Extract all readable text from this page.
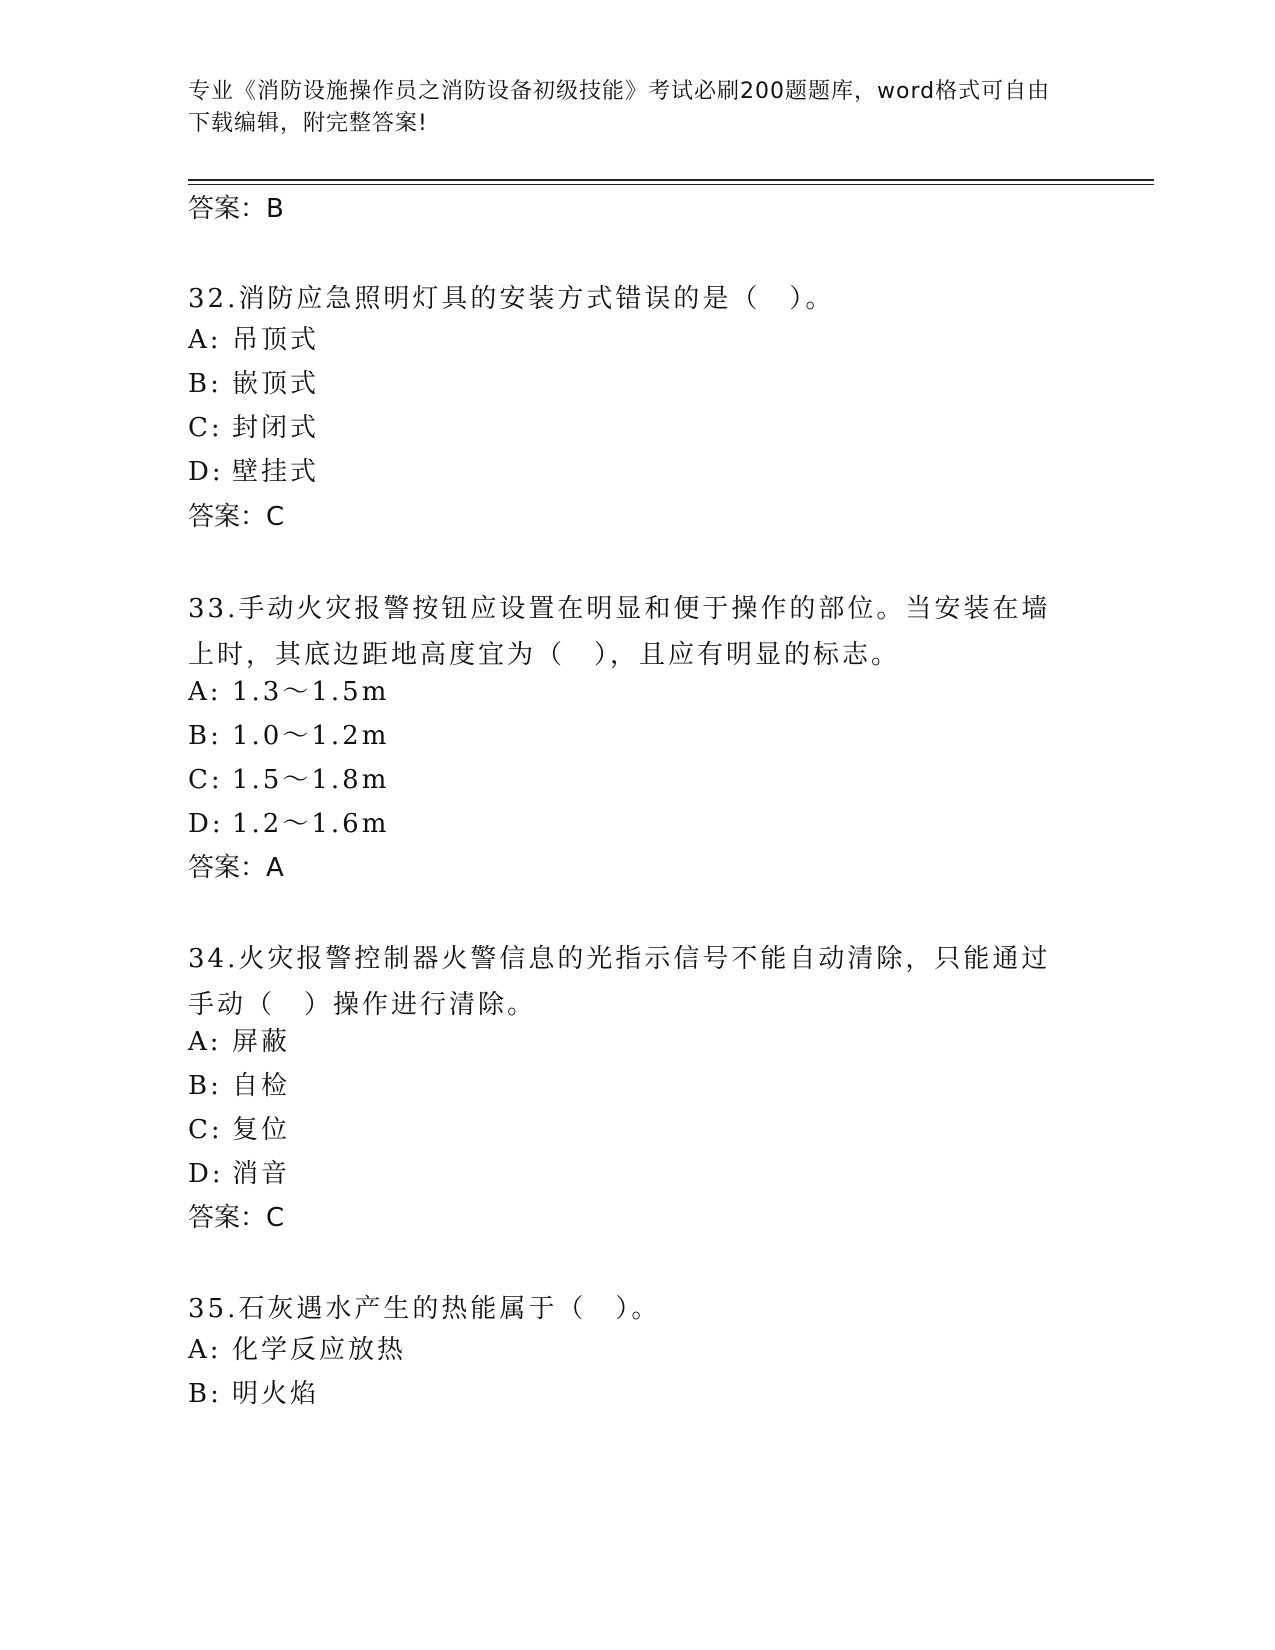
专业《消防设施操作员之消防设备初级技能》考试必刷200题题库，word格式可自由下载编辑，附完整答案!
答案：B
32.消防应急照明灯具的安装方式错误的是（　）。
A: 吊顶式
B: 嵌顶式
C: 封闭式
D: 壁挂式
答案：C
33.手动火灾报警按钮应设置在明显和便于操作的部位。当安装在墙上时，其底边距地高度宜为（　），且应有明显的标志。
A: 1.3～1.5m
B: 1.0～1.2m
C: 1.5～1.8m
D: 1.2～1.6m
答案：A
34.火灾报警控制器火警信息的光指示信号不能自动清除，只能通过手动（　）操作进行清除。
A: 屏蔽
B: 自检
C: 复位
D: 消音
答案：C
35.石灰遇水产生的热能属于（　）。
A: 化学反应放热
B: 明火焰
